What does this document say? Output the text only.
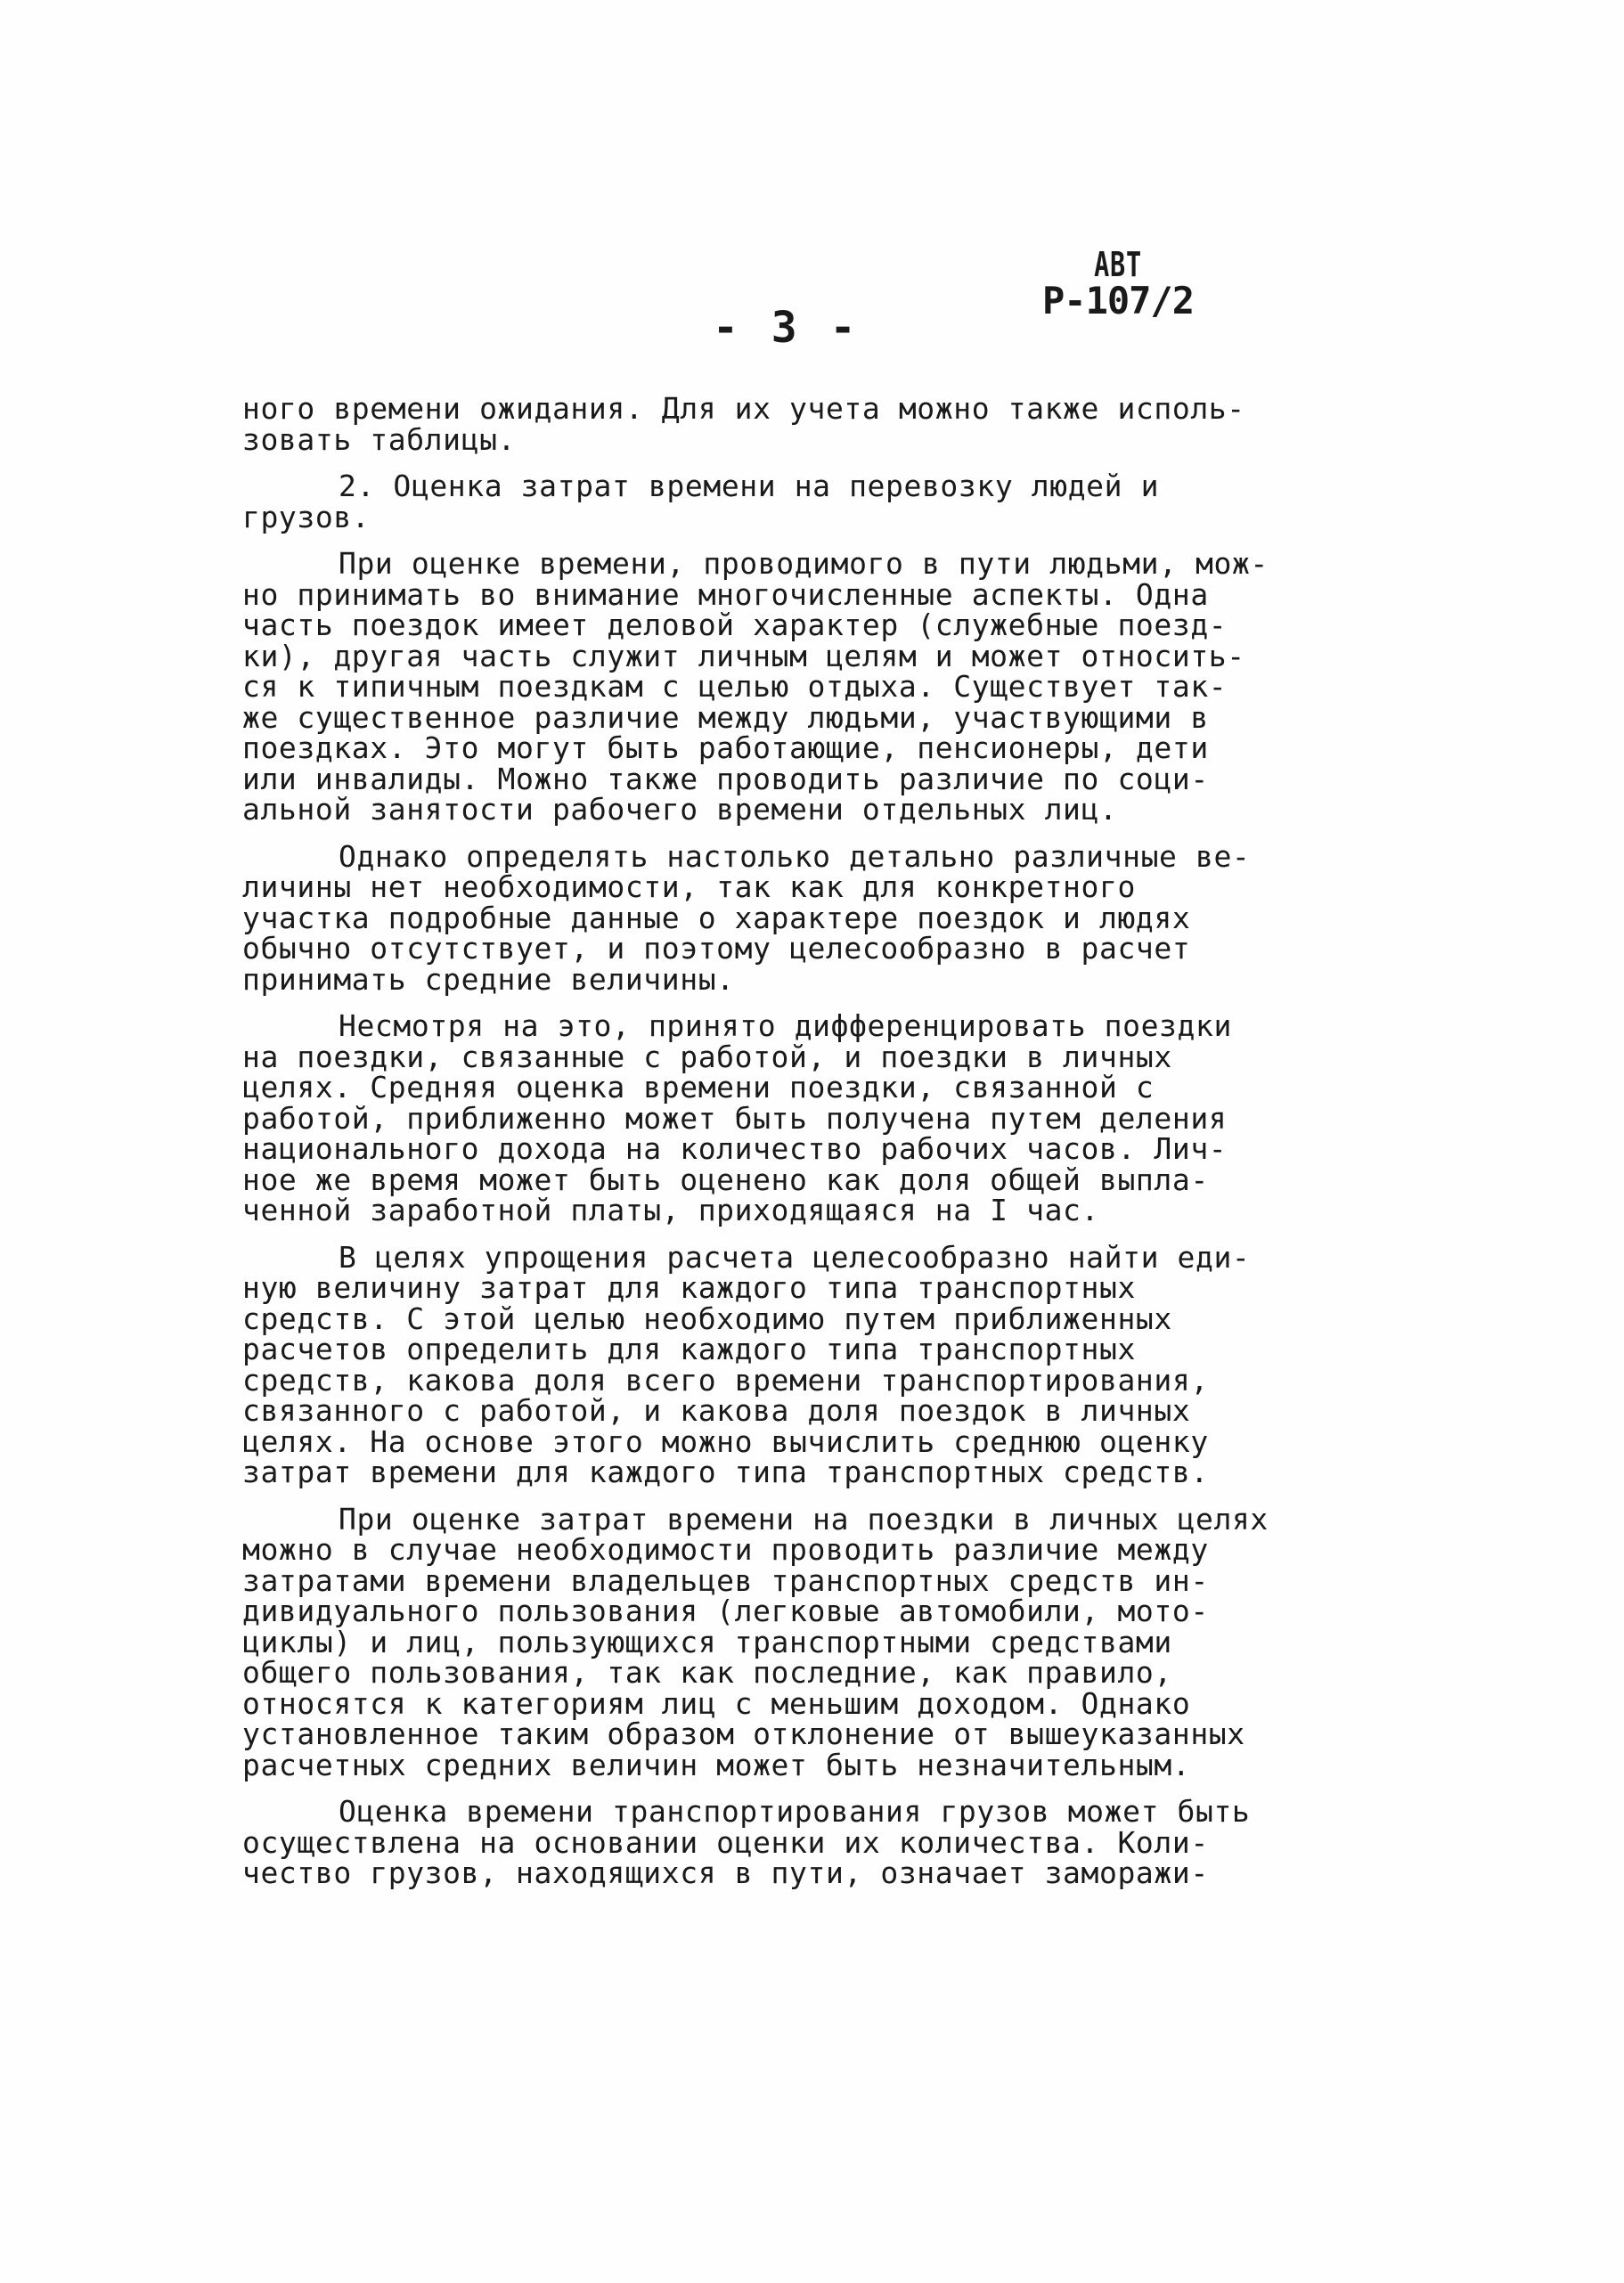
АВТ
Р-107/2
- 3 -

ного времени ожидания. Для их учета можно также исполь-
зовать таблицы.

2. Оценка затрат времени на перевозку людей и
грузов.

При оценке времени, проводимого в пути людьми, мож-
но принимать во внимание многочисленные аспекты. Одна
часть поездок имеет деловой характер (служебные поезд-
ки), другая часть служит личным целям и может относить-
ся к типичным поездкам с целью отдыха. Существует так-
же существенное различие между людьми, участвующими в
поездках. Это могут быть работающие, пенсионеры, дети
или инвалиды. Можно также проводить различие по соци-
альной занятости рабочего времени отдельных лиц.

Однако определять настолько детально различные ве-
личины нет необходимости, так как для конкретного
участка подробные данные о характере поездок и людях
обычно отсутствует, и поэтому целесообразно в расчет
принимать средние величины.

Несмотря на это, принято дифференцировать поездки
на поездки, связанные с работой, и поездки в личных
целях. Средняя оценка времени поездки, связанной с
работой, приближенно может быть получена путем деления
национального дохода на количество рабочих часов. Лич-
ное же время может быть оценено как доля общей выпла-
ченной заработной платы, приходящаяся на I час.

В целях упрощения расчета целесообразно найти еди-
ную величину затрат для каждого типа транспортных
средств. С этой целью необходимо путем приближенных
расчетов определить для каждого типа транспортных
средств, какова доля всего времени транспортирования,
связанного с работой, и какова доля поездок в личных
целях. На основе этого можно вычислить среднюю оценку
затрат времени для каждого типа транспортных средств.

При оценке затрат времени на поездки в личных целях
можно в случае необходимости проводить различие между
затратами времени владельцев транспортных средств ин-
дивидуального пользования (легковые автомобили, мото-
циклы) и лиц, пользующихся транспортными средствами
общего пользования, так как последние, как правило,
относятся к категориям лиц с меньшим доходом. Однако
установленное таким образом отклонение от вышеуказанных
расчетных средних величин может быть незначительным.

Оценка времени транспортирования грузов может быть
осуществлена на основании оценки их количества. Коли-
чество грузов, находящихся в пути, означает заморажи-
